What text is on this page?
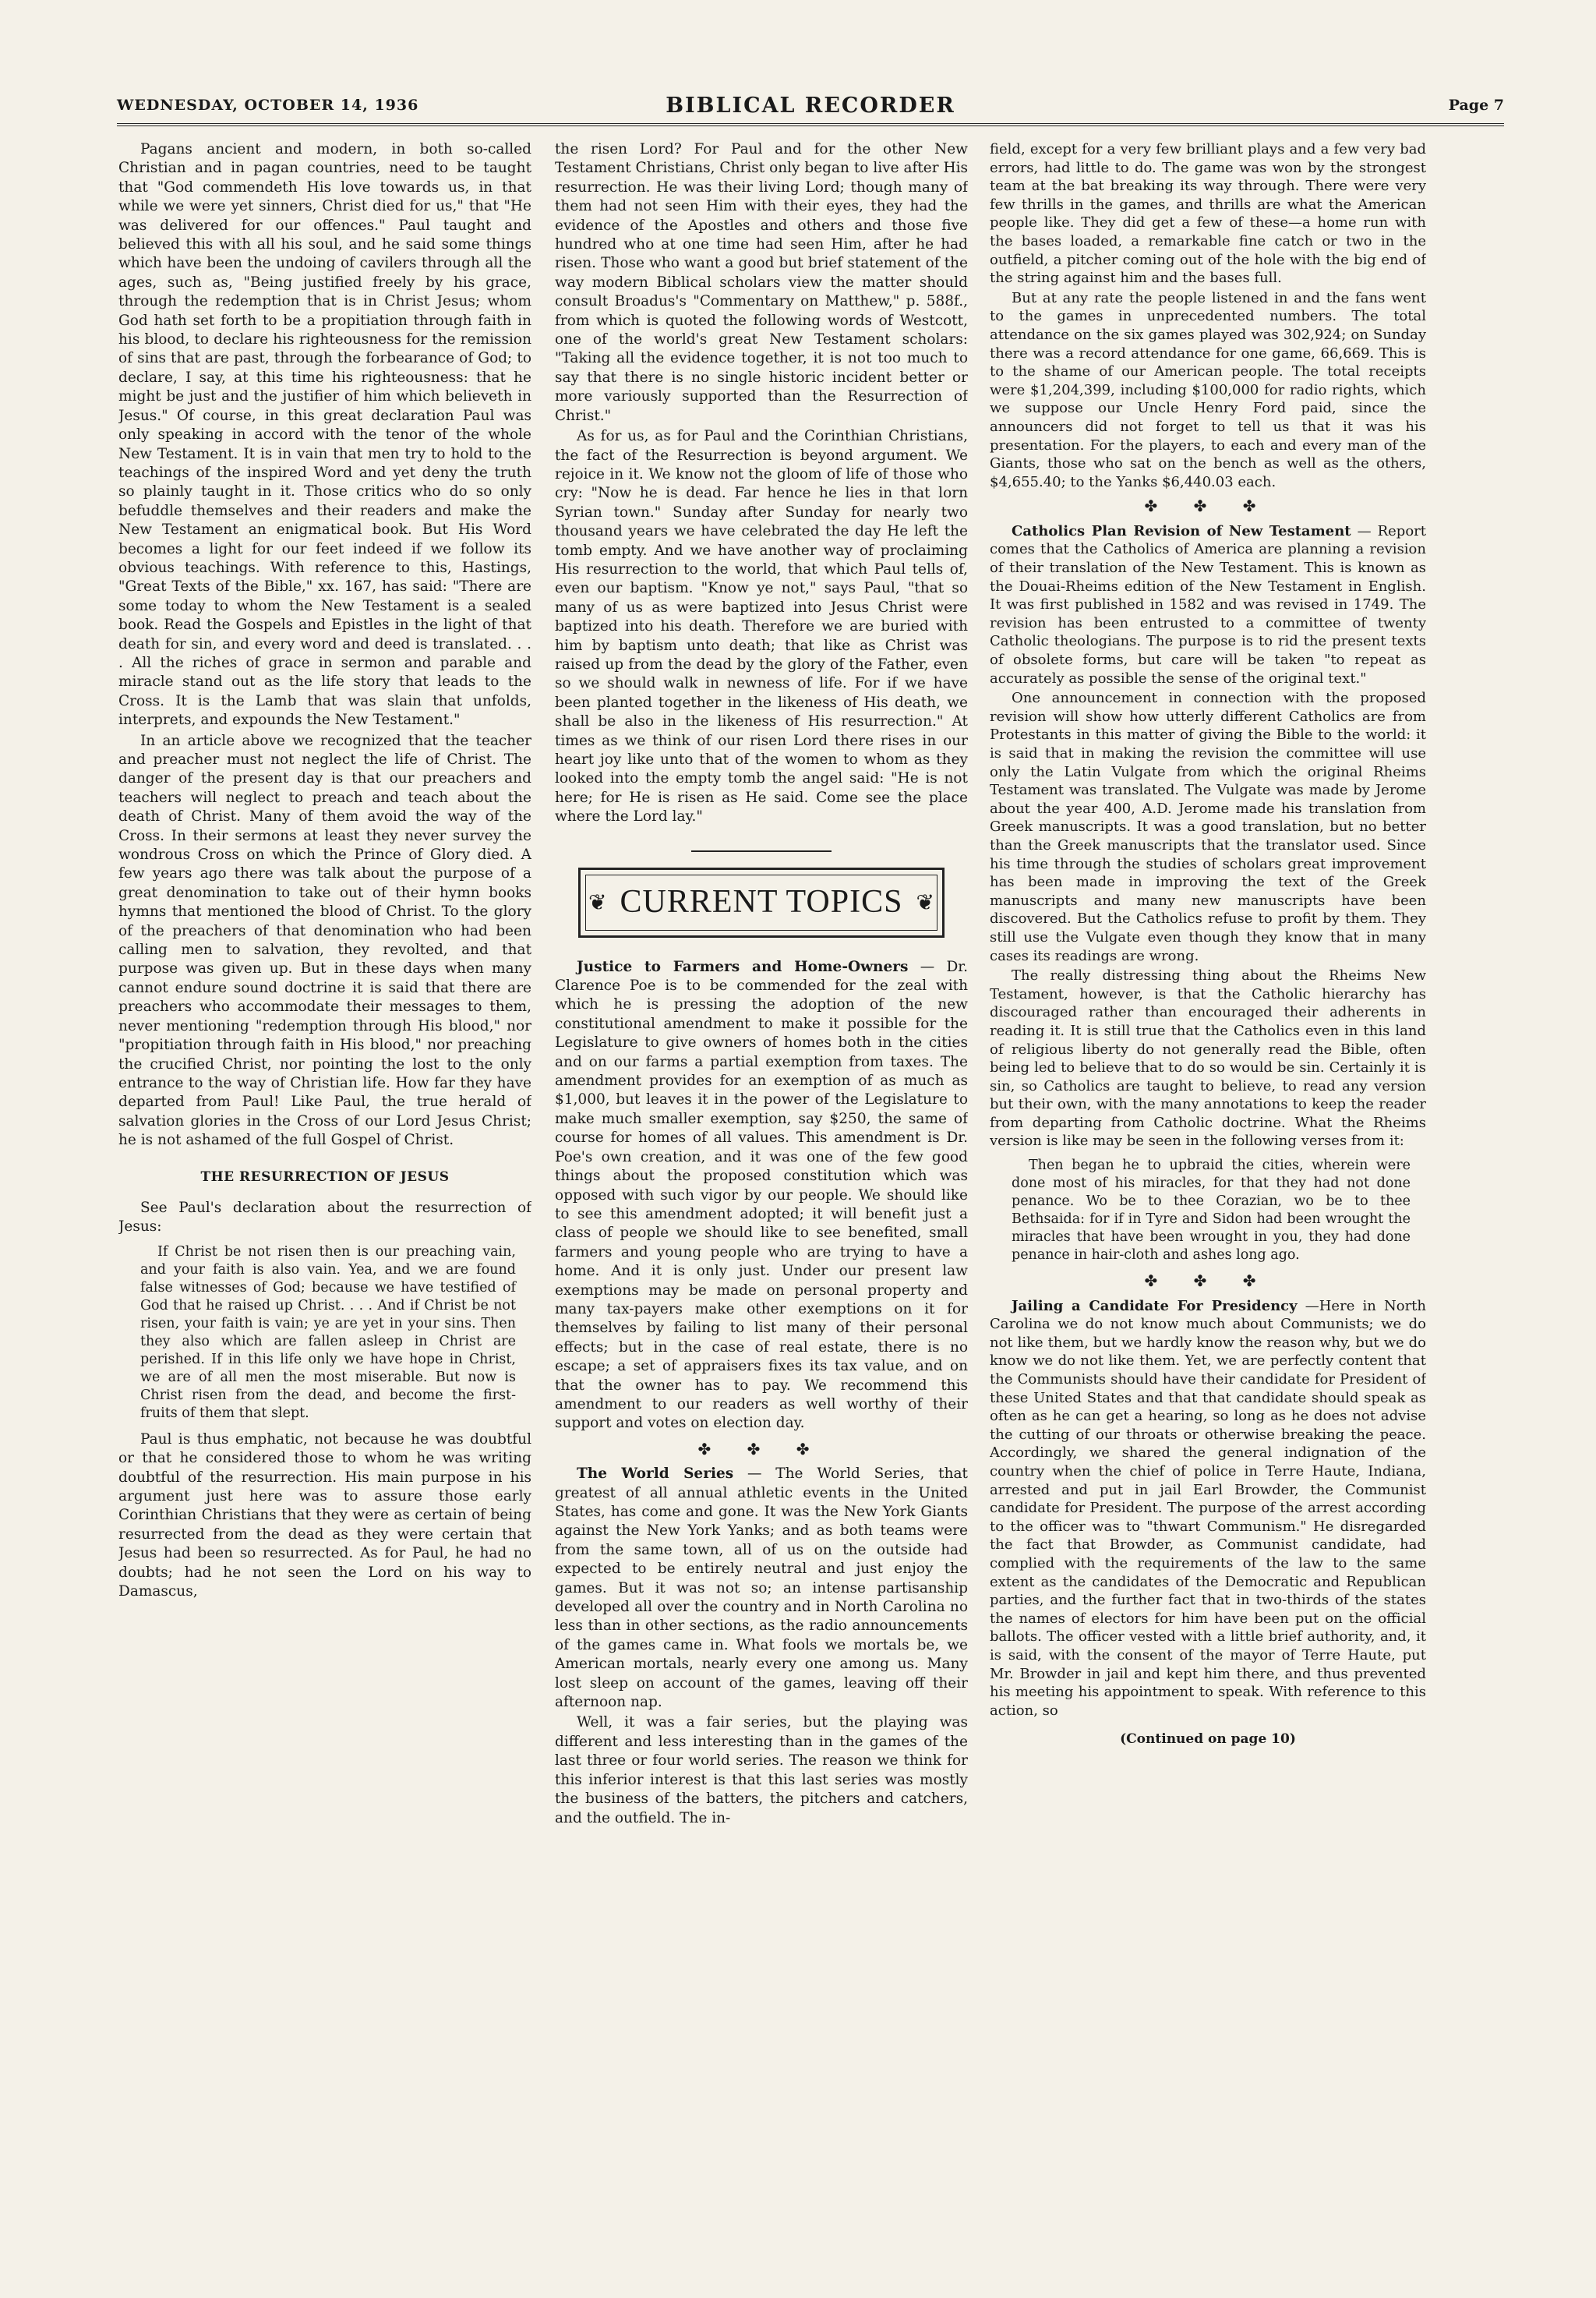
WEDNESDAY, OCTOBER 14, 1936	BIBLICAL RECORDER	Page 7

Pagans ancient and modern, in both so-called Christian and in pagan countries, need to be taught that "God commendeth His love towards us, in that while we were yet sinners, Christ died for us," that "He was delivered for our offences." Paul taught and believed this with all his soul, and he said some things which have been the undoing of cavilers through all the ages, such as, "Being justified freely by his grace, through the redemption that is in Christ Jesus; whom God hath set forth to be a propitiation through faith in his blood, to declare his righteousness for the remission of sins that are past, through the forbearance of God; to declare, I say, at this time his righteousness: that he might be just and the justifier of him which believeth in Jesus." Of course, in this great declaration Paul was only speaking in accord with the tenor of the whole New Testament. It is in vain that men try to hold to the teachings of the inspired Word and yet deny the truth so plainly taught in it. Those critics who do so only befuddle themselves and their readers and make the New Testament an enigmatical book. But His Word becomes a light for our feet indeed if we follow its obvious teachings. With reference to this, Hastings, "Great Texts of the Bible," xx. 167, has said: "There are some today to whom the New Testament is a sealed book. Read the Gospels and Epistles in the light of that death for sin, and every word and deed is translated. . . . All the riches of grace in sermon and parable and miracle stand out as the life story that leads to the Cross. It is the Lamb that was slain that unfolds, interprets, and expounds the New Testament."

In an article above we recognized that the teacher and preacher must not neglect the life of Christ. The danger of the present day is that our preachers and teachers will neglect to preach and teach about the death of Christ. Many of them avoid the way of the Cross. In their sermons at least they never survey the wondrous Cross on which the Prince of Glory died. A few years ago there was talk about the purpose of a great denomination to take out of their hymn books hymns that mentioned the blood of Christ. To the glory of the preachers of that denomination who had been calling men to salvation, they revolted, and that purpose was given up. But in these days when many cannot endure sound doctrine it is said that there are preachers who accommodate their messages to them, never mentioning "redemption through His blood," nor "propitiation through faith in His blood," nor preaching the crucified Christ, nor pointing the lost to the only entrance to the way of Christian life. How far they have departed from Paul! Like Paul, the true herald of salvation glories in the Cross of our Lord Jesus Christ; he is not ashamed of the full Gospel of Christ.

THE RESURRECTION OF JESUS

See Paul's declaration about the resurrection of Jesus:

If Christ be not risen then is our preaching vain, and your faith is also vain. Yea, and we are found false witnesses of God; because we have testified of God that he raised up Christ. . . . And if Christ be not risen, your faith is vain; ye are yet in your sins. Then they also which are fallen asleep in Christ are perished. If in this life only we have hope in Christ, we are of all men the most miserable. But now is Christ risen from the dead, and become the first-fruits of them that slept.

Paul is thus emphatic, not because he was doubtful or that he considered those to whom he was writing doubtful of the resurrection. His main purpose in his argument just here was to assure those early Corinthian Christians that they were as certain of being resurrected from the dead as they were certain that Jesus had been so resurrected. As for Paul, he had no doubts; had he not seen the Lord on his way to Damascus,

the risen Lord? For Paul and for the other New Testament Christians, Christ only began to live after His resurrection. He was their living Lord; though many of them had not seen Him with their eyes, they had the evidence of the Apostles and others and those five hundred who at one time had seen Him, after he had risen. Those who want a good but brief statement of the way modern Biblical scholars view the matter should consult Broadus's "Commentary on Matthew," p. 588f., from which is quoted the following words of Westcott, one of the world's great New Testament scholars: "Taking all the evidence together, it is not too much to say that there is no single historic incident better or more variously supported than the Resurrection of Christ."

As for us, as for Paul and the Corinthian Christians, the fact of the Resurrection is beyond argument. We rejoice in it. We know not the gloom of life of those who cry: "Now he is dead. Far hence he lies in that lorn Syrian town." Sunday after Sunday for nearly two thousand years we have celebrated the day He left the tomb empty. And we have another way of proclaiming His resurrection to the world, that which Paul tells of, even our baptism. "Know ye not," says Paul, "that so many of us as were baptized into Jesus Christ were baptized into his death. Therefore we are buried with him by baptism unto death; that like as Christ was raised up from the dead by the glory of the Father, even so we should walk in newness of life. For if we have been planted together in the likeness of His death, we shall be also in the likeness of His resurrection." At times as we think of our risen Lord there rises in our heart joy like unto that of the women to whom as they looked into the empty tomb the angel said: "He is not here; for He is risen as He said. Come see the place where the Lord lay."

❦ CURRENT TOPICS ❦

Justice to Farmers and Home-Owners — Dr. Clarence Poe is to be commended for the zeal with which he is pressing the adoption of the new constitutional amendment to make it possible for the Legislature to give owners of homes both in the cities and on our farms a partial exemption from taxes. The amendment provides for an exemption of as much as $1,000, but leaves it in the power of the Legislature to make much smaller exemption, say $250, the same of course for homes of all values. This amendment is Dr. Poe's own creation, and it was one of the few good things about the proposed constitution which was opposed with such vigor by our people. We should like to see this amendment adopted; it will benefit just a class of people we should like to see benefited, small farmers and young people who are trying to have a home. And it is only just. Under our present law exemptions may be made on personal property and many tax-payers make other exemptions on it for themselves by failing to list many of their personal effects; but in the case of real estate, there is no escape; a set of appraisers fixes its tax value, and on that the owner has to pay. We recommend this amendment to our readers as well worthy of their support and votes on election day.

✤ ✤ ✤

The World Series — The World Series, that greatest of all annual athletic events in the United States, has come and gone. It was the New York Giants against the New York Yanks; and as both teams were from the same town, all of us on the outside had expected to be entirely neutral and just enjoy the games. But it was not so; an intense partisanship developed all over the country and in North Carolina no less than in other sections, as the radio announcements of the games came in. What fools we mortals be, we American mortals, nearly every one among us. Many lost sleep on account of the games, leaving off their afternoon nap.

Well, it was a fair series, but the playing was different and less interesting than in the games of the last three or four world series. The reason we think for this inferior interest is that this last series was mostly the business of the batters, the pitchers and catchers, and the outfield. The in-

field, except for a very few brilliant plays and a few very bad errors, had little to do. The game was won by the strongest team at the bat breaking its way through. There were very few thrills in the games, and thrills are what the American people like. They did get a few of these—a home run with the bases loaded, a remarkable fine catch or two in the outfield, a pitcher coming out of the hole with the big end of the string against him and the bases full.

But at any rate the people listened in and the fans went to the games in unprecedented numbers. The total attendance on the six games played was 302,924; on Sunday there was a record attendance for one game, 66,669. This is to the shame of our American people. The total receipts were $1,204,399, including $100,000 for radio rights, which we suppose our Uncle Henry Ford paid, since the announcers did not forget to tell us that it was his presentation. For the players, to each and every man of the Giants, those who sat on the bench as well as the others, $4,655.40; to the Yanks $6,440.03 each.

✤ ✤ ✤

Catholics Plan Revision of New Testament — Report comes that the Catholics of America are planning a revision of their translation of the New Testament. This is known as the Douai-Rheims edition of the New Testament in English. It was first published in 1582 and was revised in 1749. The revision has been entrusted to a committee of twenty Catholic theologians. The purpose is to rid the present texts of obsolete forms, but care will be taken "to repeat as accurately as possible the sense of the original text."

One announcement in connection with the proposed revision will show how utterly different Catholics are from Protestants in this matter of giving the Bible to the world: it is said that in making the revision the committee will use only the Latin Vulgate from which the original Rheims Testament was translated. The Vulgate was made by Jerome about the year 400, A.D. Jerome made his translation from Greek manuscripts. It was a good translation, but no better than the Greek manuscripts that the translator used. Since his time through the studies of scholars great improvement has been made in improving the text of the Greek manuscripts and many new manuscripts have been discovered. But the Catholics refuse to profit by them. They still use the Vulgate even though they know that in many cases its readings are wrong.

The really distressing thing about the Rheims New Testament, however, is that the Catholic hierarchy has discouraged rather than encouraged their adherents in reading it. It is still true that the Catholics even in this land of religious liberty do not generally read the Bible, often being led to believe that to do so would be sin. Certainly it is sin, so Catholics are taught to believe, to read any version but their own, with the many annotations to keep the reader from departing from Catholic doctrine. What the Rheims version is like may be seen in the following verses from it:

Then began he to upbraid the cities, wherein were done most of his miracles, for that they had not done penance. Wo be to thee Corazian, wo be to thee Bethsaida: for if in Tyre and Sidon had been wrought the miracles that have been wrought in you, they had done penance in hair-cloth and ashes long ago.

✤ ✤ ✤

Jailing a Candidate For Presidency —Here in North Carolina we do not know much about Communists; we do not like them, but we hardly know the reason why, but we do know we do not like them. Yet, we are perfectly content that the Communists should have their candidate for President of these United States and that that candidate should speak as often as he can get a hearing, so long as he does not advise the cutting of our throats or otherwise breaking the peace. Accordingly, we shared the general indignation of the country when the chief of police in Terre Haute, Indiana, arrested and put in jail Earl Browder, the Communist candidate for President. The purpose of the arrest according to the officer was to "thwart Communism." He disregarded the fact that Browder, as Communist candidate, had complied with the requirements of the law to the same extent as the candidates of the Democratic and Republican parties, and the further fact that in two-thirds of the states the names of electors for him have been put on the official ballots. The officer vested with a little brief authority, and, it is said, with the consent of the mayor of Terre Haute, put Mr. Browder in jail and kept him there, and thus prevented his meeting his appointment to speak. With reference to this action, so

(Continued on page 10)
